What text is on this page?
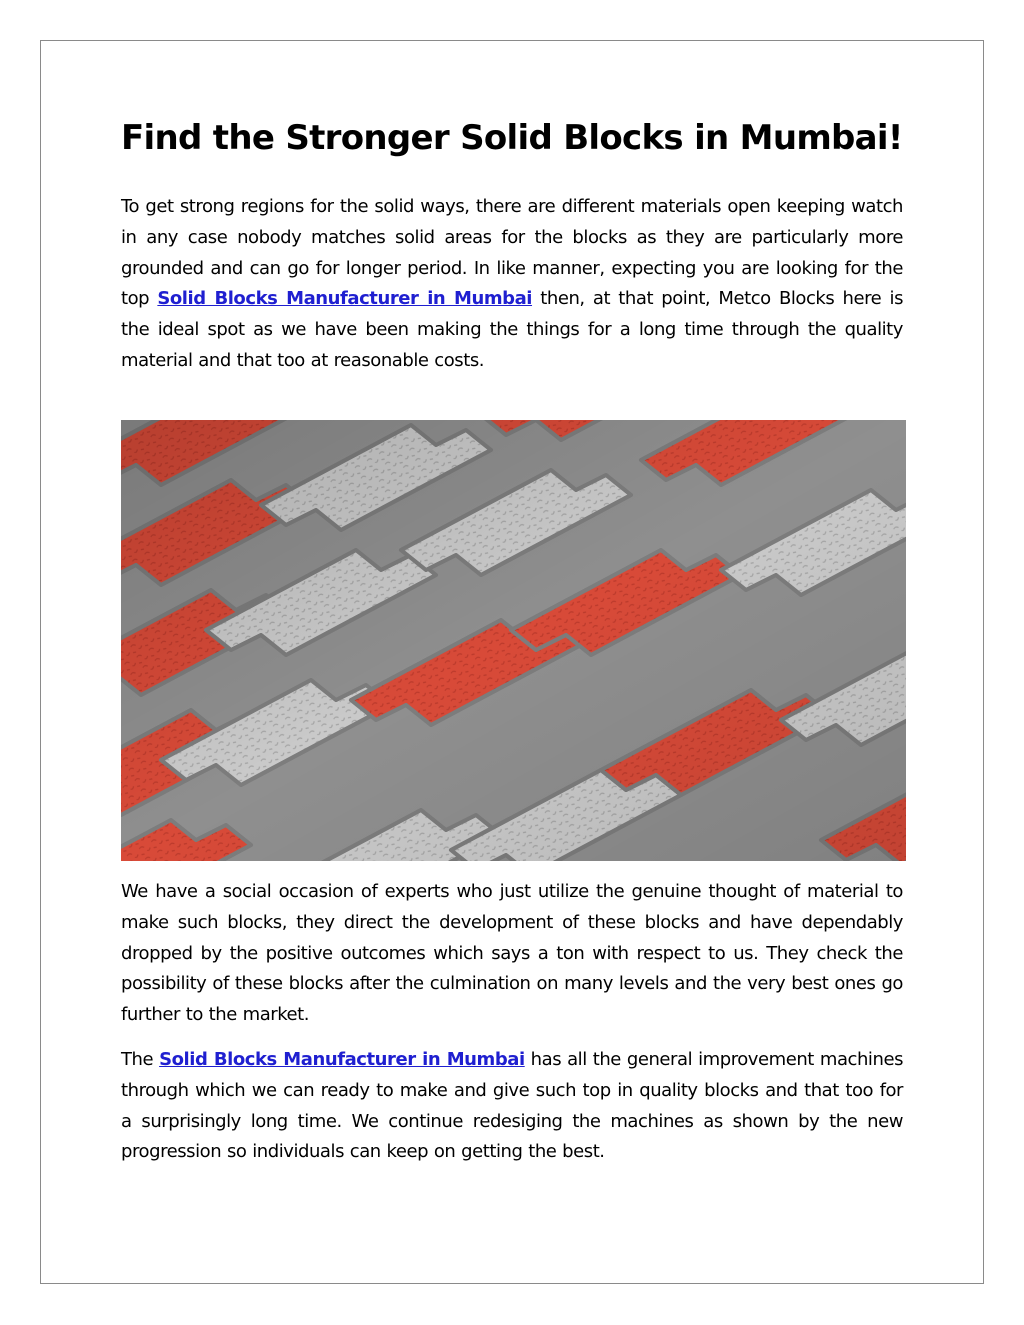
Find the Stronger Solid Blocks in Mumbai!

To get strong regions for the solid ways, there are different materials open keeping watch in any case nobody matches solid areas for the blocks as they are particularly more grounded and can go for longer period. In like manner, expecting you are looking for the top Solid Blocks Manufacturer in Mumbai then, at that point, Metco Blocks here is the ideal spot as we have been making the things for a long time through the quality material and that too at reasonable costs.

We have a social occasion of experts who just utilize the genuine thought of material to make such blocks, they direct the development of these blocks and have dependably dropped by the positive outcomes which says a ton with respect to us. They check the possibility of these blocks after the culmination on many levels and the very best ones go further to the market.

The Solid Blocks Manufacturer in Mumbai has all the general improvement machines through which we can ready to make and give such top in quality blocks and that too for a surprisingly long time. We continue redesiging the machines as shown by the new progression so individuals can keep on getting the best.
